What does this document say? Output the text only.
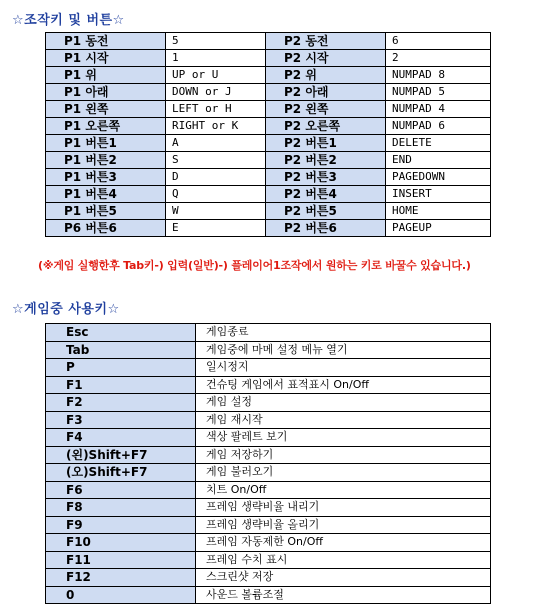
☆조작키 및 버튼☆
P1 동전	5	P2 동전	6
P1 시작	1	P2 시작	2
P1 위	UP or U	P2 위	NUMPAD 8
P1 아래	DOWN or J	P2 아래	NUMPAD 5
P1 왼쪽	LEFT or H	P2 왼쪽	NUMPAD 4
P1 오른쪽	RIGHT or K	P2 오른쪽	NUMPAD 6
P1 버튼1	A	P2 버튼1	DELETE
P1 버튼2	S	P2 버튼2	END
P1 버튼3	D	P2 버튼3	PAGEDOWN
P1 버튼4	Q	P2 버튼4	INSERT
P1 버튼5	W	P2 버튼5	HOME
P6 버튼6	E	P2 버튼6	PAGEUP
(※게임 실행한후 Tab키-) 입력(일반)-) 플레이어1조작에서 원하는 키로 바꿀수 있습니다.)
☆게임중 사용키☆
Esc	게임종료
Tab	게임중에 마메 설정 메뉴 열기
P	일시정지
F1	건슈팅 게임에서 표적표시 On/Off
F2	게임 설정
F3	게임 재시작
F4	색상 팔레트 보기
(왼)Shift+F7	게임 저장하기
(오)Shift+F7	게임 불러오기
F6	치트 On/Off
F8	프레임 생략비율 내리기
F9	프레임 생략비율 올리기
F10	프레임 자동제한 On/Off
F11	프레임 수치 표시
F12	스크린샷 저장
0	사운드 볼륨조절
